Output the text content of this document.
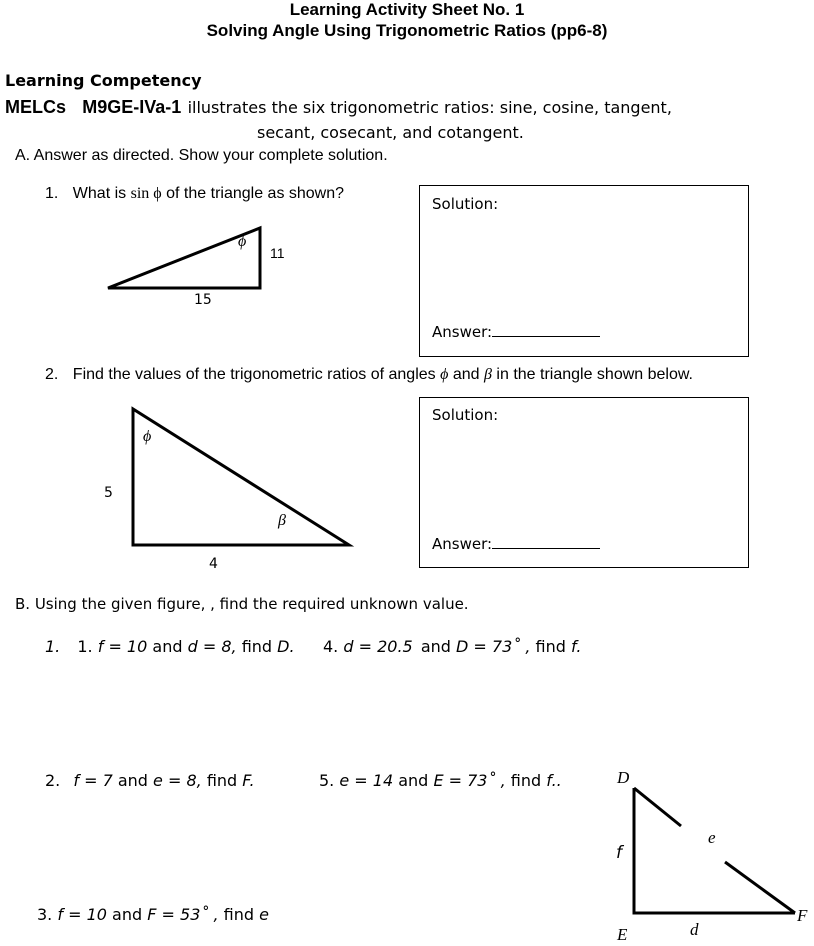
Learning Activity Sheet No. 1
Solving Angle Using Trigonometric Ratios (pp6-8)
Learning Competency
MELCs M9GE-IVa-1 illustrates the six trigonometric ratios: sine, cosine, tangent,
secant, cosecant, and cotangent.
A. Answer as directed. Show your complete solution.
1. What is sin ϕ of the triangle as shown?
ϕ
11
15
Solution:
Answer:
2. Find the values of the trigonometric ratios of angles ϕ and β in the triangle shown below.
ϕ
β
5
4
Solution:
Answer:
B. Using the given figure, , find the required unknown value.
1. 1. f = 10 and d = 8, find D. 4. d = 20.5 and D = 73˚ , find f.
2. f = 7 and e = 8, find F.	5. e = 14 and E = 73˚ , find f..
3. f = 10 and F = 53˚ , find e
D
E
F
f
e
d
